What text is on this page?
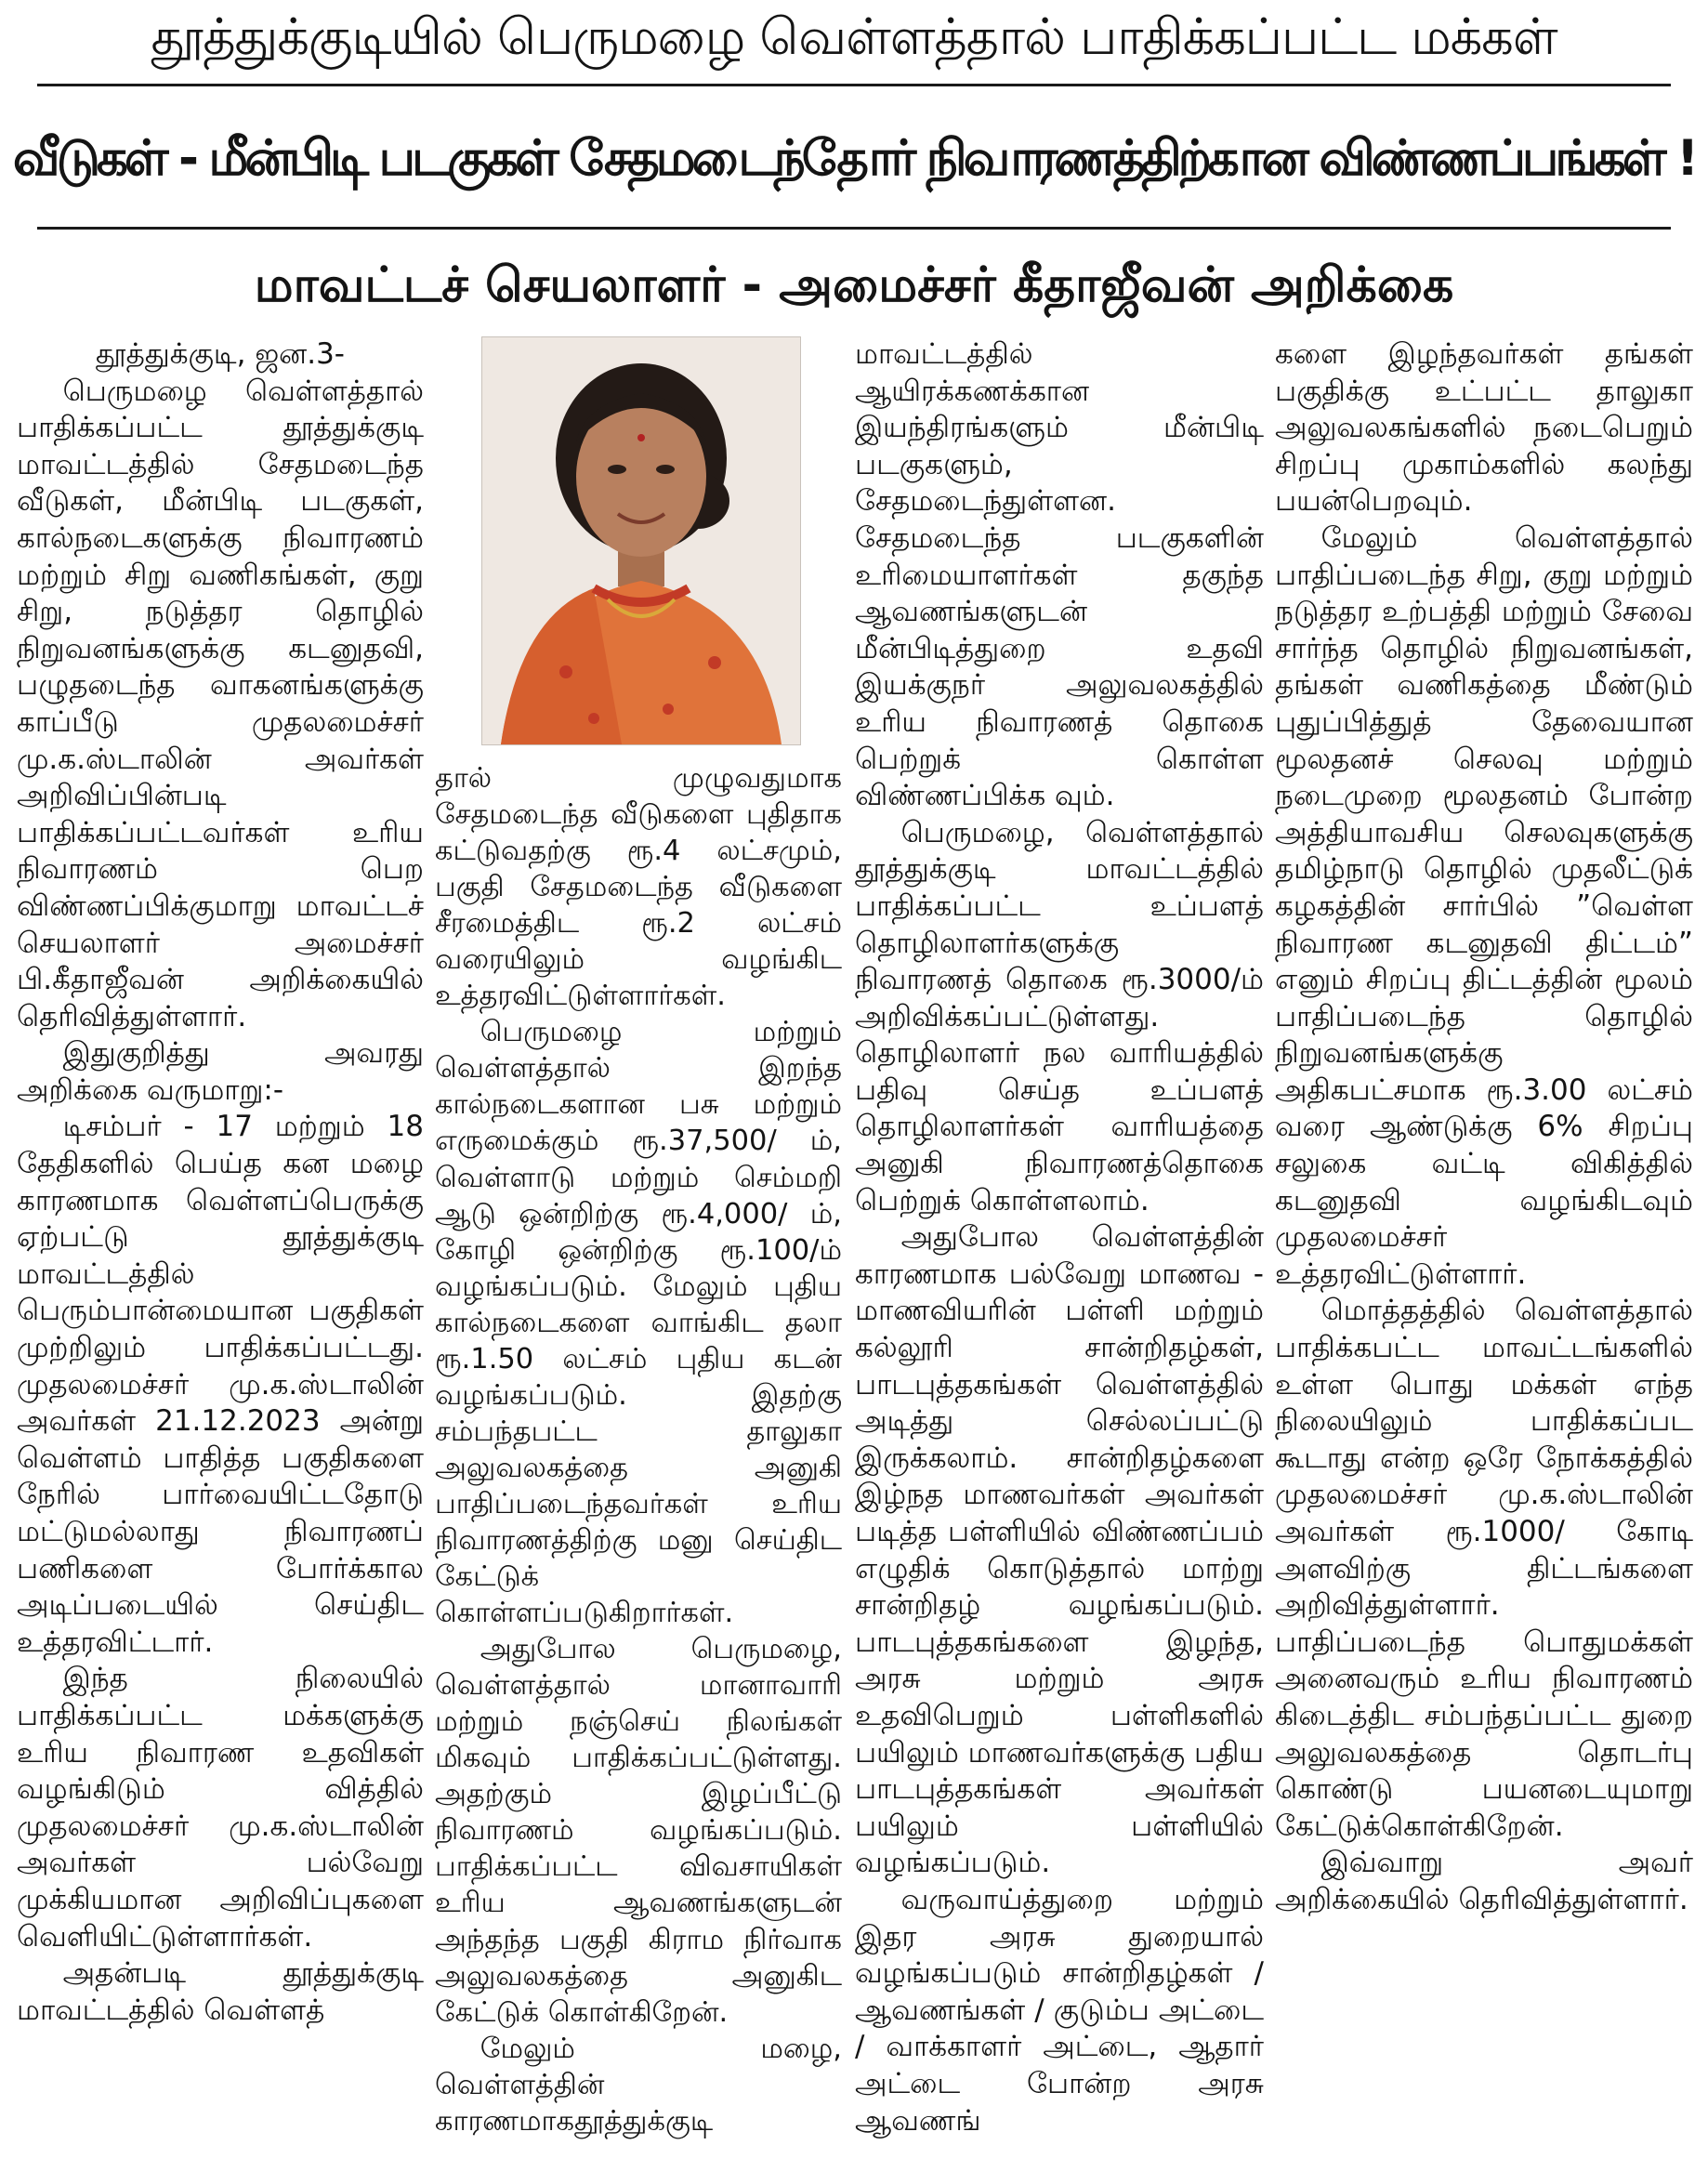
தூத்துக்குடியில் பெருமழை வெள்ளத்தால் பாதிக்கப்பட்ட மக்கள்
வீடுகள் - மீன்பிடி படகுகள் சேதமடைந்தோர் நிவாரணத்திற்கான விண்ணப்பங்கள் !
மாவட்டச் செயலாளர் - அமைச்சர் கீதாஜீவன் அறிக்கை

தூத்துக்குடி, ஜன.3-

பெருமழை வெள்ளத்தால் பாதிக்கப்பட்ட தூத்துக்குடி மாவட்டத்தில் சேதமடைந்த வீடுகள், மீன்பிடி படகுகள், கால்நடைகளுக்கு நிவாரணம் மற்றும் சிறு வணிகங்கள், குறு சிறு, நடுத்தர தொழில் நிறுவனங்களுக்கு கடனுதவி, பழுதடைந்த வாகனங்களுக்கு காப்பீடு முதலமைச்சர் மு.க.ஸ்டாலின் அவர்கள் அறிவிப்பின்படி பாதிக்கப்பட்டவர்கள் உரிய நிவாரணம் பெற விண்ணப்பிக்குமாறு மாவட்டச் செயலாளர் அமைச்சர் பி.கீதாஜீவன் அறிக்கையில் தெரிவித்துள்ளார்.

இதுகுறித்து அவரது அறிக்கை வருமாறு:-

டிசம்பர் - 17 மற்றும் 18 தேதிகளில் பெய்த கன மழை காரணமாக வெள்ளப்பெருக்கு ஏற்பட்டு தூத்துக்குடி மாவட்டத்தில் பெரும்பான்மையான பகுதிகள் முற்றிலும் பாதிக்கப்பட்டது. முதலமைச்சர் மு.க.ஸ்டாலின் அவர்கள் 21.12.2023 அன்று வெள்ளம் பாதித்த பகுதிகளை நேரில் பார்வையிட்டதோடு மட்டுமல்லாது நிவாரணப் பணிகளை போர்க்கால அடிப்படையில் செய்திட உத்தரவிட்டார்.

இந்த நிலையில் பாதிக்கப்பட்ட மக்களுக்கு உரிய நிவாரண உதவிகள் வழங்கிடும் வித்தில் முதலமைச்சர் மு.க.ஸ்டாலின் அவர்கள் பல்வேறு முக்கியமான அறிவிப்புகளை வெளியிட்டுள்ளார்கள்.

அதன்படி தூத்துக்குடி மாவட்டத்தில் வெள்ளத்

தால் முழுவதுமாக சேதமடைந்த வீடுகளை புதிதாக கட்டுவதற்கு ரூ.4 லட்சமும், பகுதி சேதமடைந்த வீடுகளை சீரமைத்திட ரூ.2 லட்சம் வரையிலும் வழங்கிட உத்தரவிட்டுள்ளார்கள்.

பெருமழை மற்றும் வெள்ளத்தால் இறந்த கால்நடைகளான பசு மற்றும் எருமைக்கும் ரூ.37,500/ ம், வெள்ளாடு மற்றும் செம்மறி ஆடு ஒன்றிற்கு ரூ.4,000/ ம், கோழி ஒன்றிற்கு ரூ.100/ம் வழங்கப்படும். மேலும் புதிய கால்நடைகளை வாங்கிட தலா ரூ.1.50 லட்சம் புதிய கடன் வழங்கப்படும். இதற்கு சம்பந்தபட்ட தாலுகா அலுவலகத்தை அனுகி பாதிப்படைந்தவர்கள் உரிய நிவாரணத்திற்கு மனு செய்திட கேட்டுக் கொள்ளப்படுகிறார்கள்.

அதுபோல பெருமழை, வெள்ளத்தால் மானாவாரி மற்றும் நஞ்செய் நிலங்கள் மிகவும் பாதிக்கப்பட்டுள்ளது. அதற்கும் இழப்பீட்டு நிவாரணம் வழங்கப்படும். பாதிக்கப்பட்ட விவசாயிகள் உரிய ஆவணங்களுடன் அந்தந்த பகுதி கிராம நிர்வாக அலுவலகத்தை அனுகிட கேட்டுக் கொள்கிறேன்.

மேலும் மழை, வெள்ளத்தின் காரணமாகதூத்துக்குடி

மாவட்டத்தில் ஆயிரக்கணக்கான இயந்திரங்களும் மீன்பிடி படகுகளும், சேதமடைந்துள்ளன. சேதமடைந்த படகுகளின் உரிமையாளர்கள் தகுந்த ஆவணங்களுடன் மீன்பிடித்துறை உதவி இயக்குநர் அலுவலகத்தில் உரிய நிவாரணத் தொகை பெற்றுக் கொள்ள விண்ணப்பிக்க வும்.

பெருமழை, வெள்ளத்தால் தூத்துக்குடி மாவட்டத்தில் பாதிக்கப்பட்ட உப்பளத் தொழிலாளர்களுக்கு நிவாரணத் தொகை ரூ.3000/ம் அறிவிக்கப்பட்டுள்ளது. தொழிலாளர் நல வாரியத்தில் பதிவு செய்த உப்பளத் தொழிலாளர்கள் வாரியத்தை அனுகி நிவாரணத்தொகை பெற்றுக் கொள்ளலாம்.

அதுபோல வெள்ளத்தின் காரணமாக பல்வேறு மாணவ - மாணவியரின் பள்ளி மற்றும் கல்லூரி சான்றிதழ்கள், பாடபுத்தகங்கள் வெள்ளத்தில் அடித்து செல்லப்பட்டு இருக்கலாம். சான்றிதழ்களை இழ்நத மாணவர்கள் அவர்கள் படித்த பள்ளியில் விண்ணப்பம் எழுதிக் கொடுத்தால் மாற்று சான்றிதழ் வழங்கப்படும். பாடபுத்தகங்களை இழந்த, அரசு மற்றும் அரசு உதவிபெறும் பள்ளிகளில் பயிலும் மாணவர்களுக்கு பதிய பாடபுத்தகங்கள் அவர்கள் பயிலும் பள்ளியில் வழங்கப்படும்.

வருவாய்த்துறை மற்றும் இதர அரசு துறையால் வழங்கப்படும் சான்றிதழ்கள் / ஆவணங்கள் / குடும்ப அட்டை / வாக்காளர் அட்டை, ஆதார் அட்டை போன்ற அரசு ஆவணங்

களை இழந்தவர்கள் தங்கள் பகுதிக்கு உட்பட்ட தாலுகா அலுவலகங்களில் நடைபெறும் சிறப்பு முகாம்களில் கலந்து பயன்பெறவும்.

மேலும் வெள்ளத்தால் பாதிப்படைந்த சிறு, குறு மற்றும் நடுத்தர உற்பத்தி மற்றும் சேவை சார்ந்த தொழில் நிறுவனங்கள், தங்கள் வணிகத்தை மீண்டும் புதுப்பித்துத் தேவையான மூலதனச் செலவு மற்றும் நடைமுறை மூலதனம் போன்ற அத்தியாவசிய செலவுகளுக்கு தமிழ்நாடு தொழில் முதலீட்டுக் கழகத்தின் சார்பில் ”வெள்ள நிவாரண கடனுதவி திட்டம்” எனும் சிறப்பு திட்டத்தின் மூலம் பாதிப்படைந்த தொழில் நிறுவனங்களுக்கு அதிகபட்சமாக ரூ.3.00 லட்சம் வரை ஆண்டுக்கு 6% சிறப்பு சலுகை வட்டி விகித்தில் கடனுதவி வழங்கிடவும் முதலமைச்சர் உத்தரவிட்டுள்ளார்.

மொத்தத்தில் வெள்ளத்தால் பாதிக்கபட்ட மாவட்டங்களில் உள்ள பொது மக்கள் எந்த நிலையிலும் பாதிக்கப்பட கூடாது என்ற ஒரே நோக்கத்தில் முதலமைச்சர் மு.க.ஸ்டாலின் அவர்கள் ரூ.1000/ கோடி அளவிற்கு திட்டங்களை அறிவித்துள்ளார். பாதிப்படைந்த பொதுமக்கள் அனைவரும் உரிய நிவாரணம் கிடைத்திட சம்பந்தப்பட்ட துறை அலுவலகத்தை தொடர்பு கொண்டு பயனடையுமாறு கேட்டுக்கொள்கிறேன்.

இவ்வாறு அவர் அறிக்கையில் தெரிவித்துள்ளார்.
